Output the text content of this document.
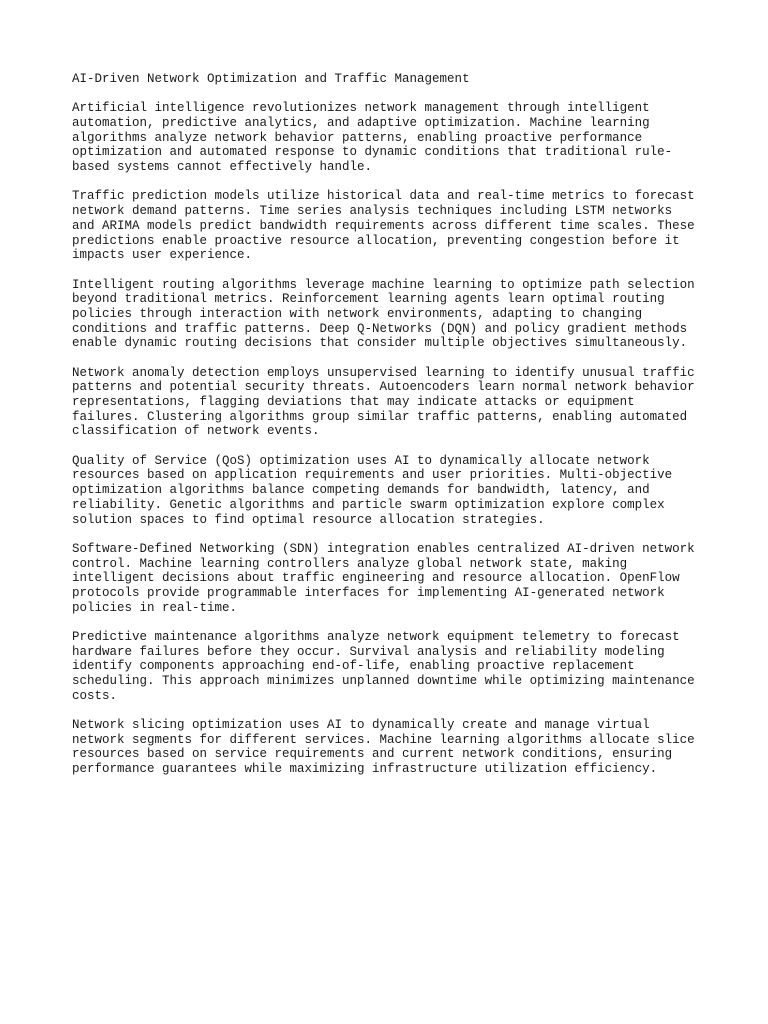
AI-Driven Network Optimization and Traffic Management

Artificial intelligence revolutionizes network management through intelligent
automation, predictive analytics, and adaptive optimization. Machine learning
algorithms analyze network behavior patterns, enabling proactive performance
optimization and automated response to dynamic conditions that traditional rule-
based systems cannot effectively handle.

Traffic prediction models utilize historical data and real-time metrics to forecast
network demand patterns. Time series analysis techniques including LSTM networks
and ARIMA models predict bandwidth requirements across different time scales. These
predictions enable proactive resource allocation, preventing congestion before it
impacts user experience.

Intelligent routing algorithms leverage machine learning to optimize path selection
beyond traditional metrics. Reinforcement learning agents learn optimal routing
policies through interaction with network environments, adapting to changing
conditions and traffic patterns. Deep Q-Networks (DQN) and policy gradient methods
enable dynamic routing decisions that consider multiple objectives simultaneously.

Network anomaly detection employs unsupervised learning to identify unusual traffic
patterns and potential security threats. Autoencoders learn normal network behavior
representations, flagging deviations that may indicate attacks or equipment
failures. Clustering algorithms group similar traffic patterns, enabling automated
classification of network events.

Quality of Service (QoS) optimization uses AI to dynamically allocate network
resources based on application requirements and user priorities. Multi-objective
optimization algorithms balance competing demands for bandwidth, latency, and
reliability. Genetic algorithms and particle swarm optimization explore complex
solution spaces to find optimal resource allocation strategies.

Software-Defined Networking (SDN) integration enables centralized AI-driven network
control. Machine learning controllers analyze global network state, making
intelligent decisions about traffic engineering and resource allocation. OpenFlow
protocols provide programmable interfaces for implementing AI-generated network
policies in real-time.

Predictive maintenance algorithms analyze network equipment telemetry to forecast
hardware failures before they occur. Survival analysis and reliability modeling
identify components approaching end-of-life, enabling proactive replacement
scheduling. This approach minimizes unplanned downtime while optimizing maintenance
costs.

Network slicing optimization uses AI to dynamically create and manage virtual
network segments for different services. Machine learning algorithms allocate slice
resources based on service requirements and current network conditions, ensuring
performance guarantees while maximizing infrastructure utilization efficiency.
